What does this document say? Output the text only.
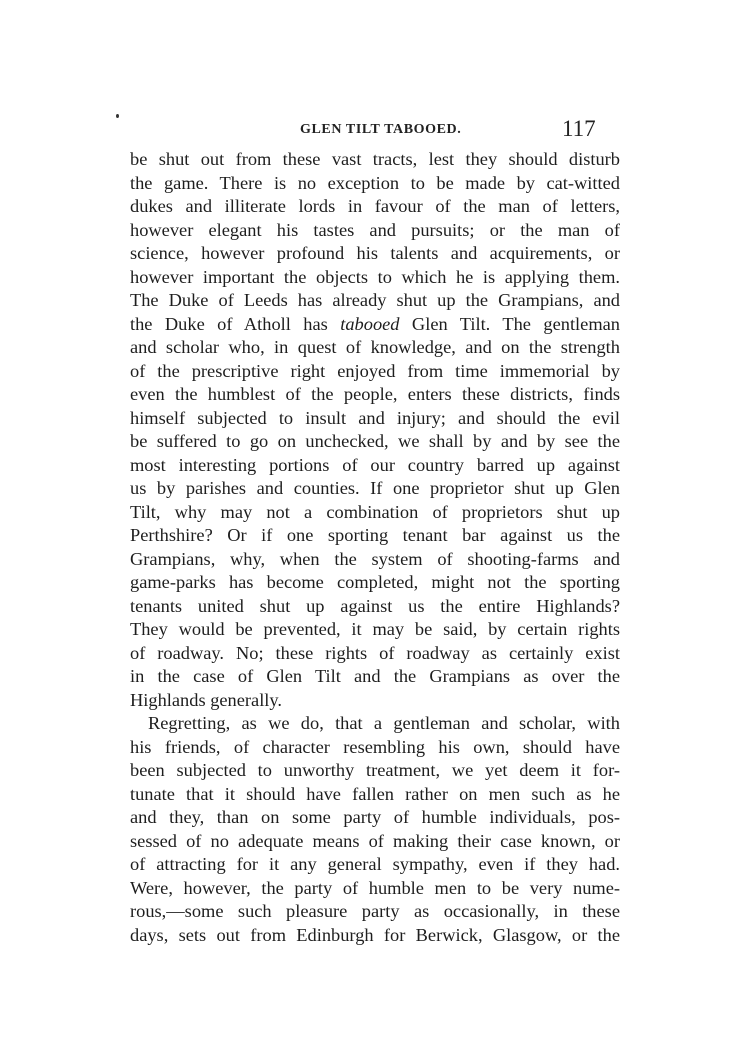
GLEN TILT TABOOED.	117
be shut out from these vast tracts, lest they should disturb
the game. There is no exception to be made by cat-witted
dukes and illiterate lords in favour of the man of letters,
however elegant his tastes and pursuits; or the man of
science, however profound his talents and acquirements, or
however important the objects to which he is applying them.
The Duke of Leeds has already shut up the Grampians, and
the Duke of Atholl has tabooed Glen Tilt. The gentleman
and scholar who, in quest of knowledge, and on the strength
of the prescriptive right enjoyed from time immemorial by
even the humblest of the people, enters these districts, finds
himself subjected to insult and injury; and should the evil
be suffered to go on unchecked, we shall by and by see the
most interesting portions of our country barred up against
us by parishes and counties. If one proprietor shut up Glen
Tilt, why may not a combination of proprietors shut up
Perthshire? Or if one sporting tenant bar against us the
Grampians, why, when the system of shooting-farms and
game-parks has become completed, might not the sporting
tenants united shut up against us the entire Highlands?
They would be prevented, it may be said, by certain rights
of roadway. No; these rights of roadway as certainly exist
in the case of Glen Tilt and the Grampians as over the
Highlands generally.
Regretting, as we do, that a gentleman and scholar, with
his friends, of character resembling his own, should have
been subjected to unworthy treatment, we yet deem it for-
tunate that it should have fallen rather on men such as he
and they, than on some party of humble individuals, pos-
sessed of no adequate means of making their case known, or
of attracting for it any general sympathy, even if they had.
Were, however, the party of humble men to be very nume-
rous,—some such pleasure party as occasionally, in these
days, sets out from Edinburgh for Berwick, Glasgow, or the
